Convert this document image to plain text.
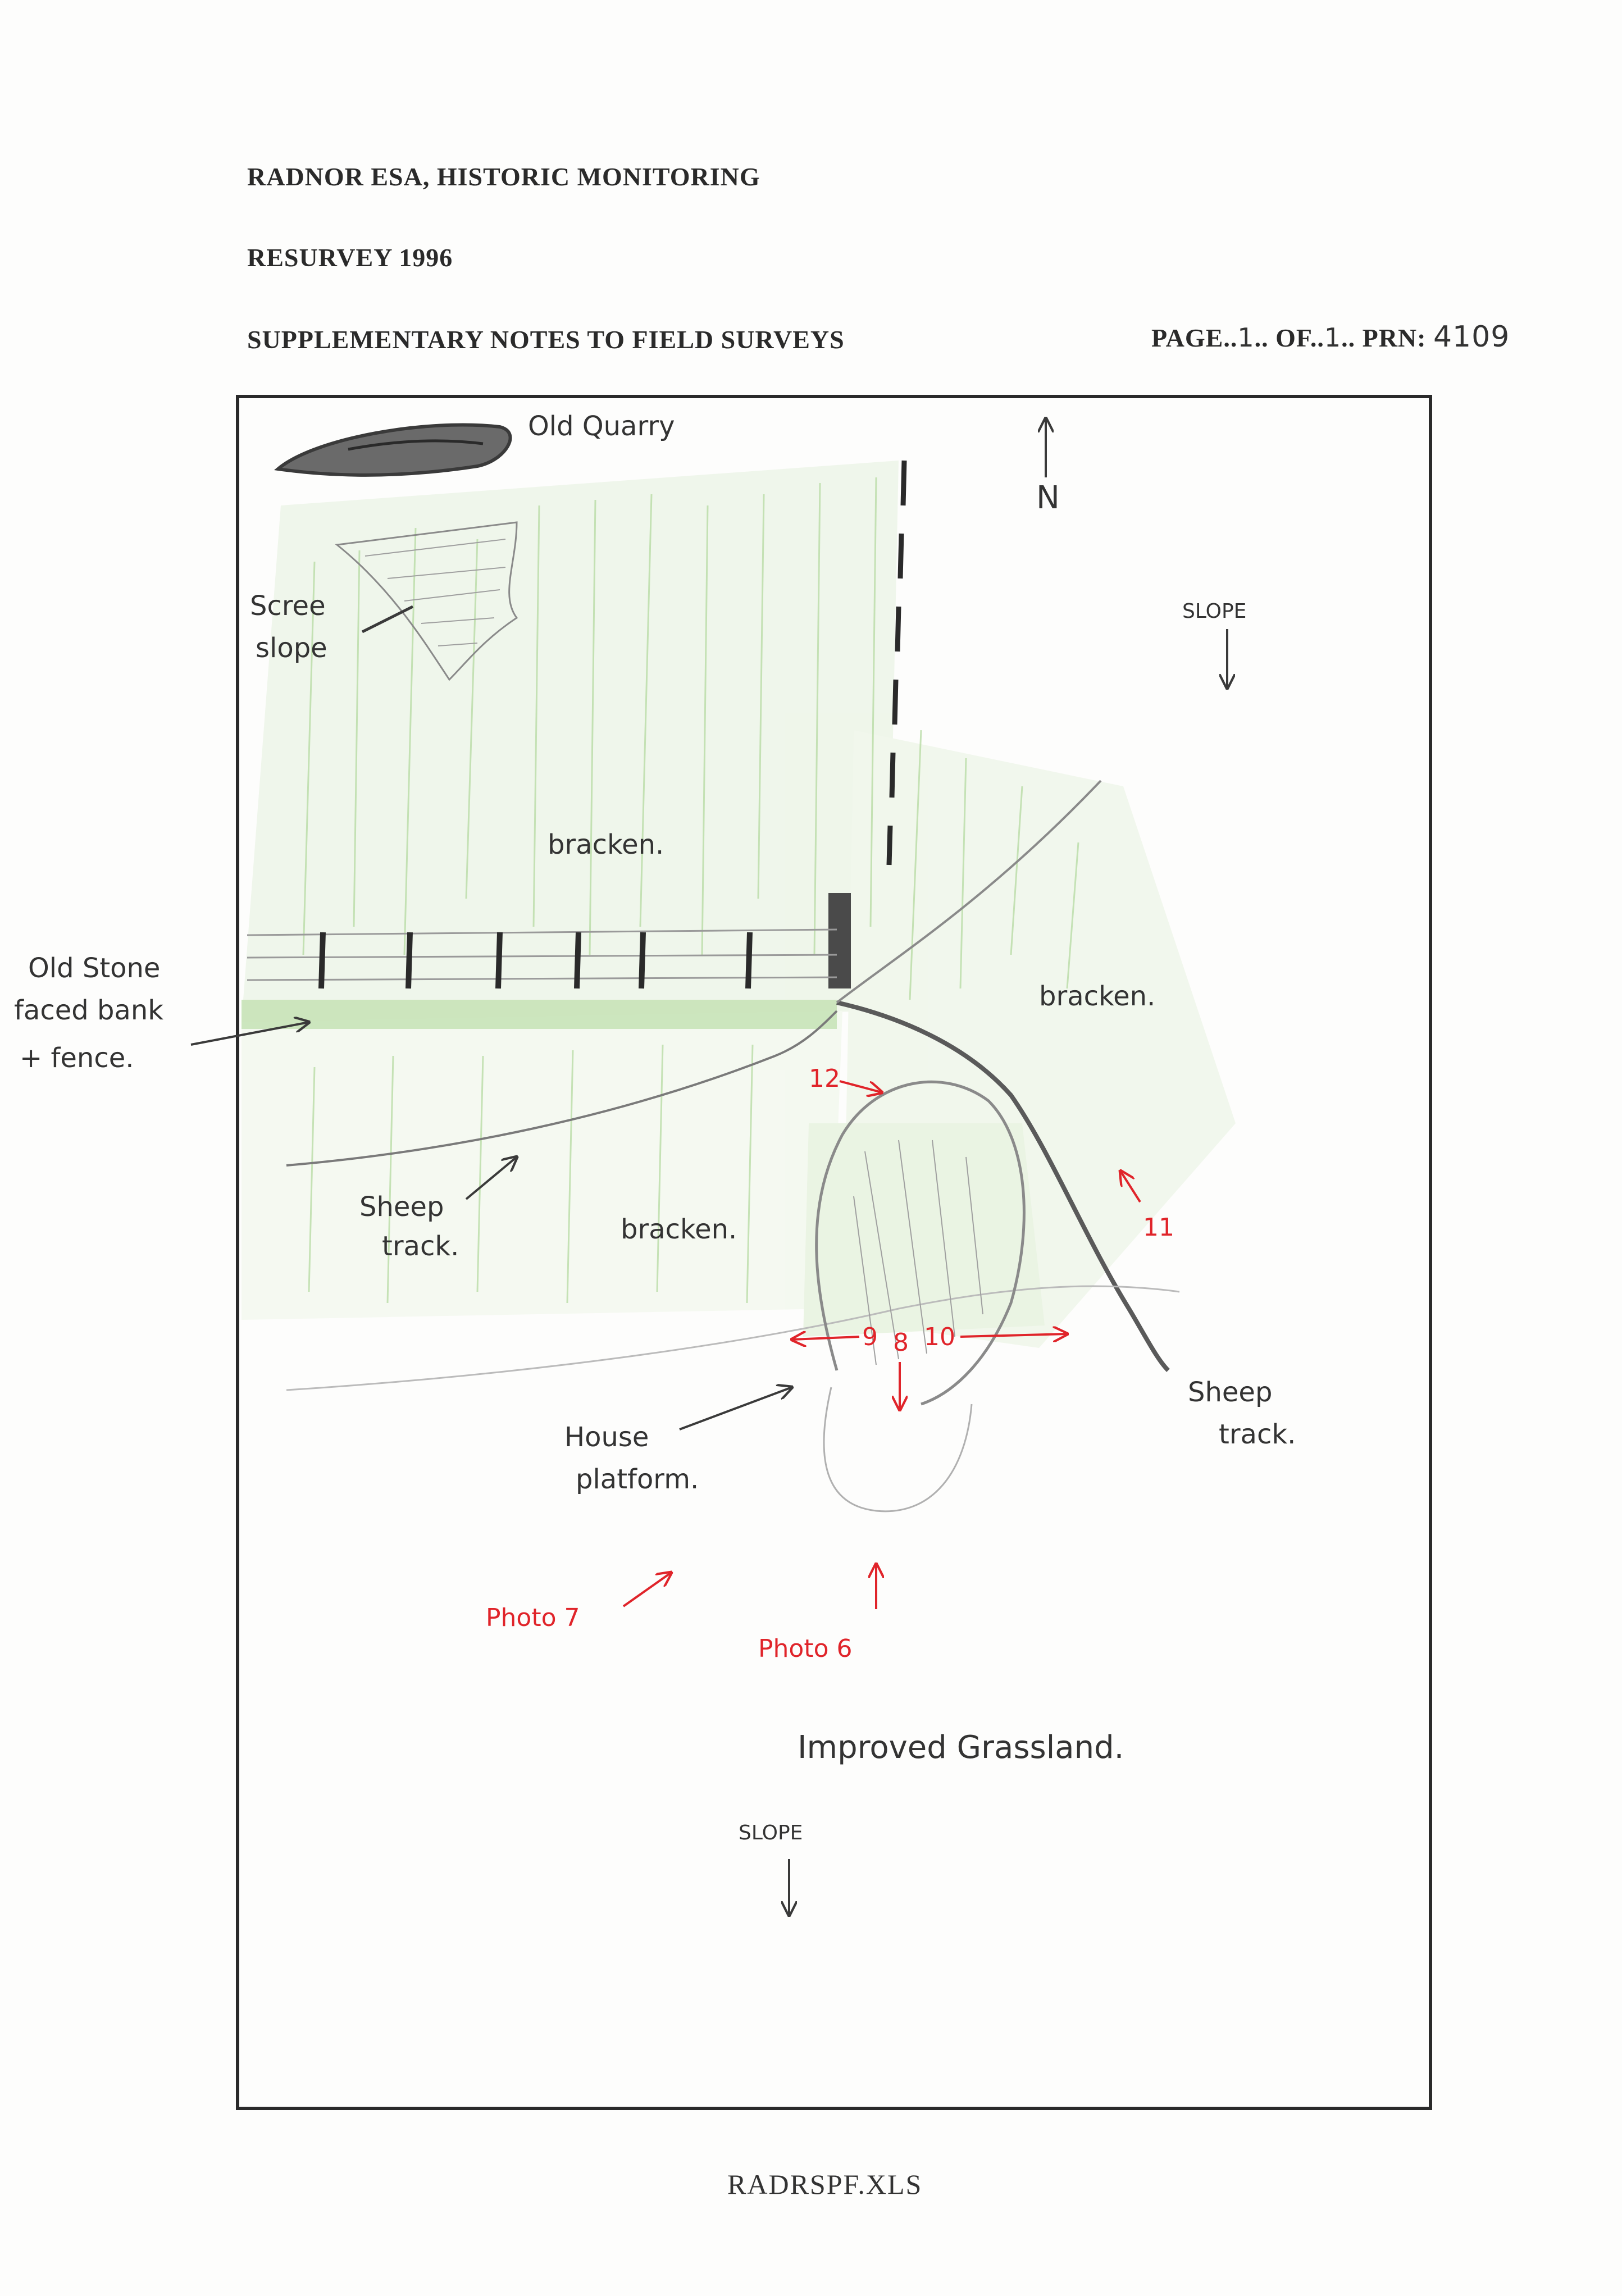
RADNOR ESA, HISTORIC MONITORING
RESURVEY 1996
SUPPLEMENTARY NOTES TO FIELD SURVEYS	PAGE..1.. OF..1.. PRN: 4109
Old Quarry
Scree
slope
N
SLOPE
Old Stone
faced bank
+ fence.
House
platform.
bracken.
bracken.
bracken.
Sheep
track.
Sheep
track.
12
11
9 8 10
Photo 7
Photo 6
Improved Grassland.
SLOPE
RADRSPF.XLS
